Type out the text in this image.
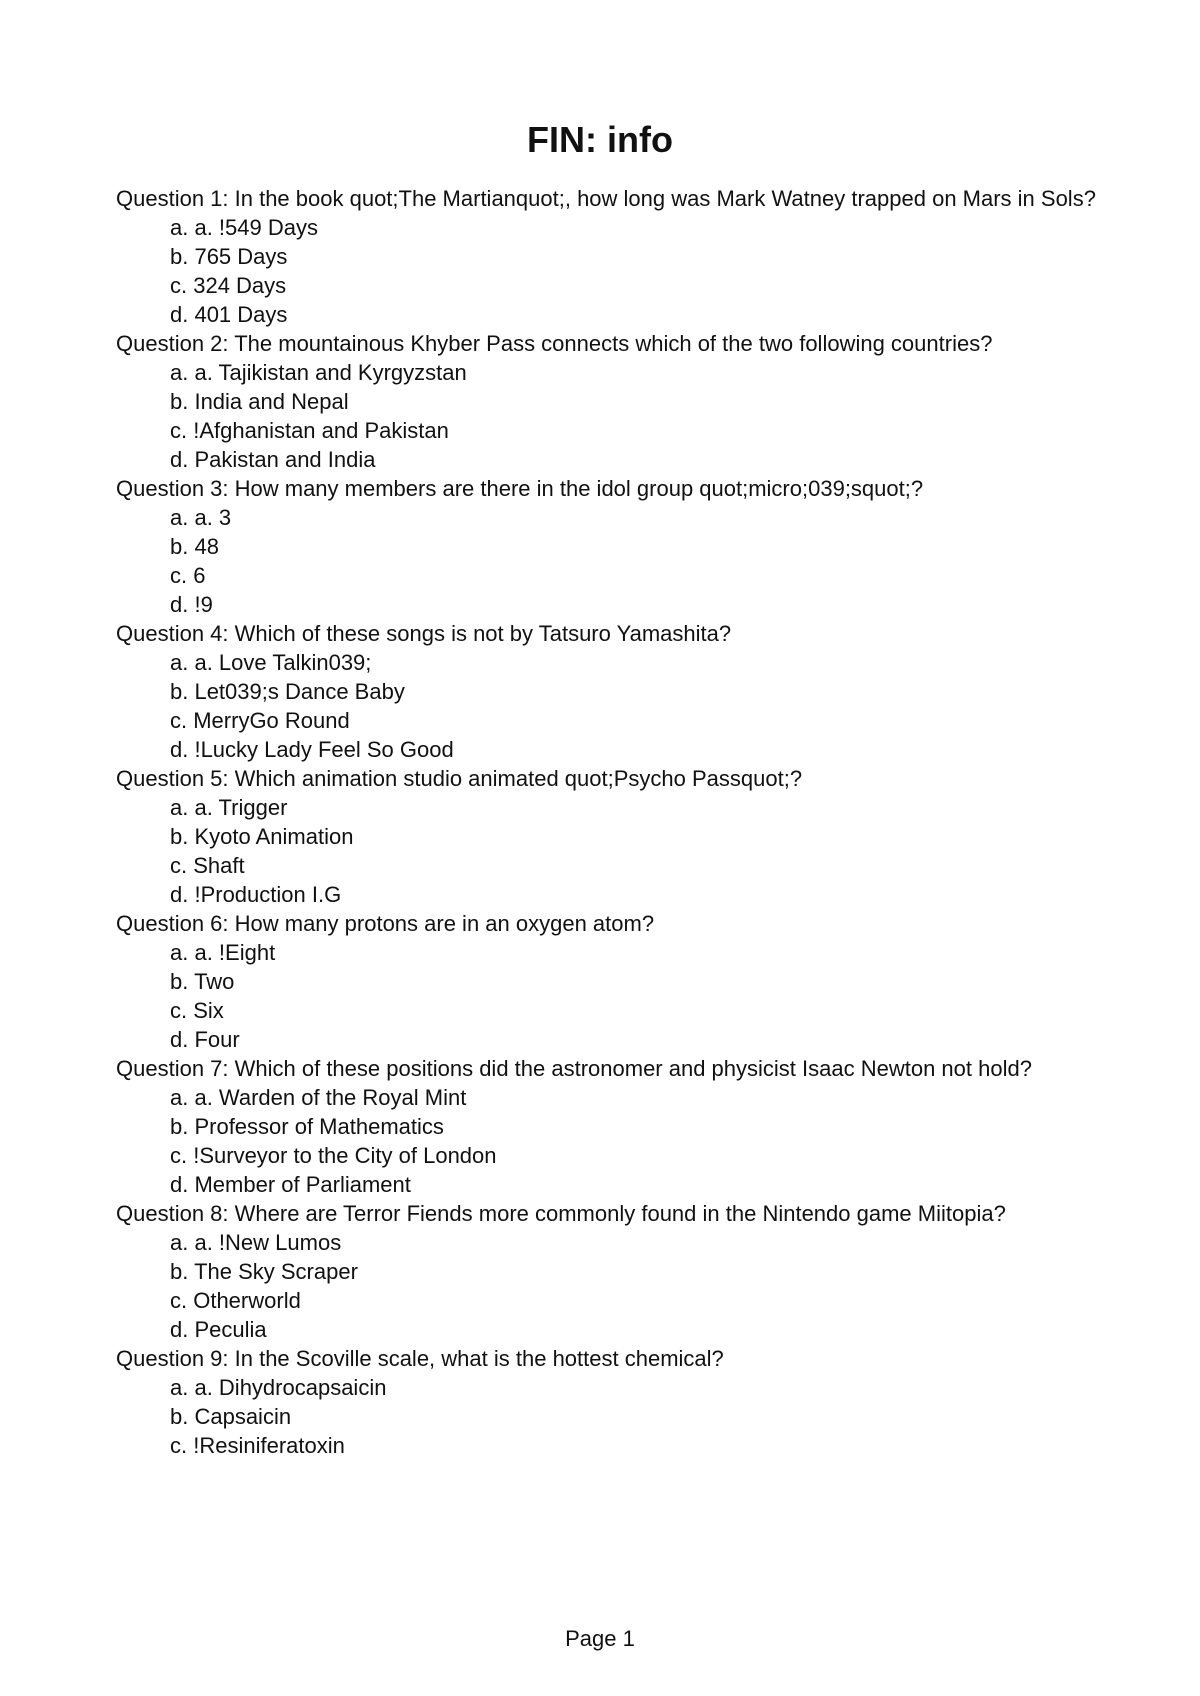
FIN: info
Question 1: In the book quot;The Martianquot;, how long was Mark Watney trapped on Mars in Sols?
a. a. !549 Days
b. 765 Days
c. 324 Days
d. 401 Days
Question 2: The mountainous Khyber Pass connects which of the two following countries?
a. a. Tajikistan and Kyrgyzstan
b. India and Nepal
c. !Afghanistan and Pakistan
d. Pakistan and India
Question 3: How many members are there in the idol group quot;micro;039;squot;?
a. a. 3
b. 48
c. 6
d. !9
Question 4: Which of these songs is not by Tatsuro Yamashita?
a. a. Love Talkin039;
b. Let039;s Dance Baby
c. MerryGo Round
d. !Lucky Lady Feel So Good
Question 5: Which animation studio animated quot;Psycho Passquot;?
a. a. Trigger
b. Kyoto Animation
c. Shaft
d. !Production I.G
Question 6: How many protons are in an oxygen atom?
a. a. !Eight
b. Two
c. Six
d. Four
Question 7: Which of these positions did the astronomer and physicist Isaac Newton not hold?
a. a. Warden of the Royal Mint
b. Professor of Mathematics
c. !Surveyor to the City of London
d. Member of Parliament
Question 8: Where are Terror Fiends more commonly found in the Nintendo game Miitopia?
a. a. !New Lumos
b. The Sky Scraper
c. Otherworld
d. Peculia
Question 9: In the Scoville scale, what is the hottest chemical?
a. a. Dihydrocapsaicin
b. Capsaicin
c. !Resiniferatoxin
Page 1
